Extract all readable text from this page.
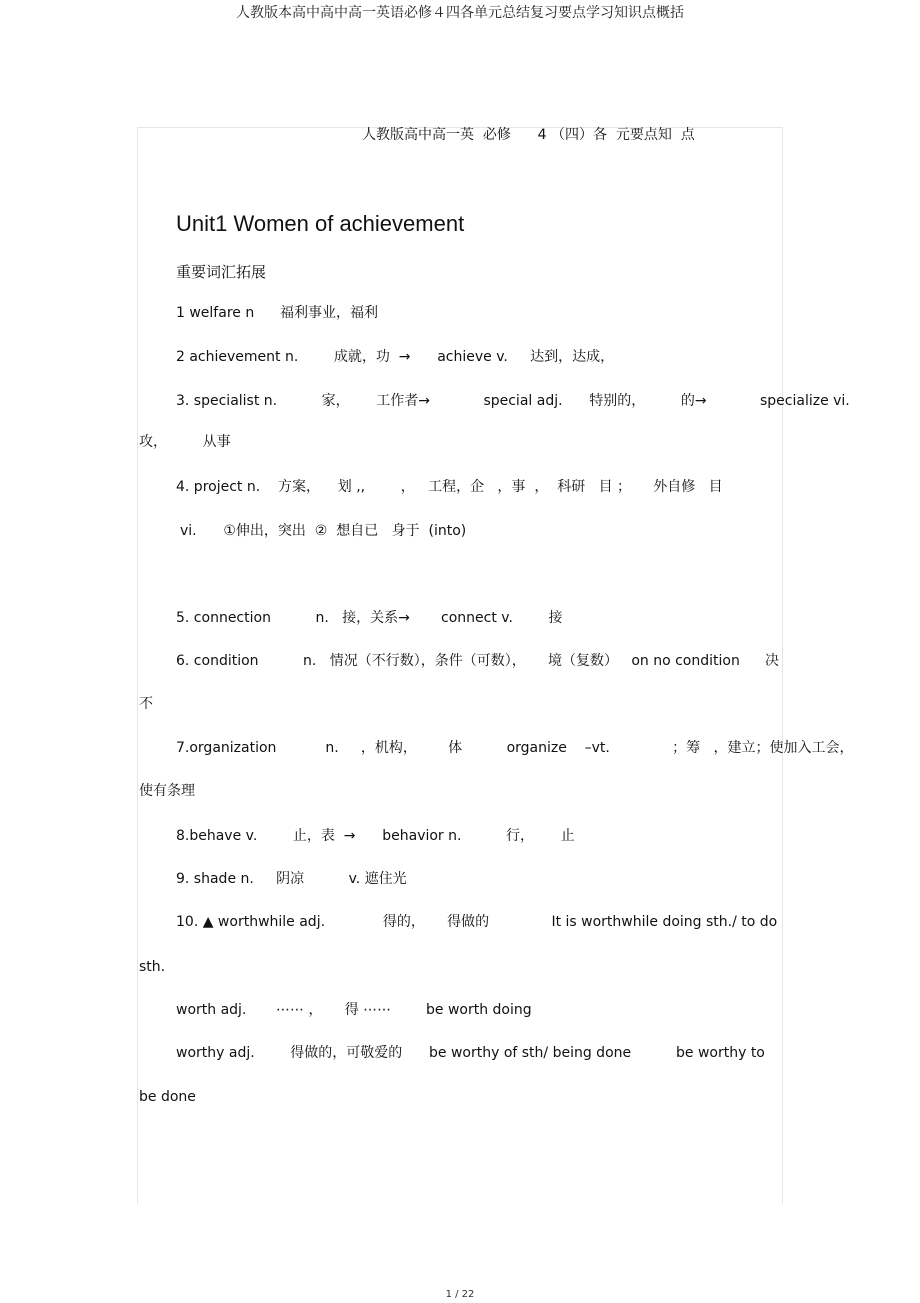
人教版本高中高中高一英语必修４四各单元总结复习要点学习知识点概括
人教版高中高一英  必修      4 （四）各  元要点知  点
Unit1 Women of achievement
重要词汇拓展
1 welfare n 福利事业，福利
2 achievement n.        成就，功  →      achieve v.     达到，达成，
3. specialist n.          家，      工作者→            special adj.      特别的，        的→            specialize vi.
攻，        从事
4. project n.    方案，    划 ,,        ，   工程，企   ，事  ，  科研   目 ；     外自修   目
vi.      ①伸出，突出  ②  想自已   身于  (into)
5. connection          n.   接，关系→       connect v.        接
6. condition          n.   情况（不行数），条件（可数），     境（复数）   on no condition 决
不
7.organization           n.     ，机构，       体          organize    –vt.              ；筹   ，建立；使加入工会，
使有条理
8.behave v.        止，表  →      behavior n.          行，      止
9. shade n.     阴凉          v. 遮住光
10. ▲ worthwhile adj.             得的，     得做的              It is worthwhile doing sth./ to do
sth.
worth adj. ⋯⋯ ，     得 ⋯⋯ be worth doing
worthy adj.        得做的，可敬爱的 be worthy of sth/ being done	be worthy to
be done
1 / 22
